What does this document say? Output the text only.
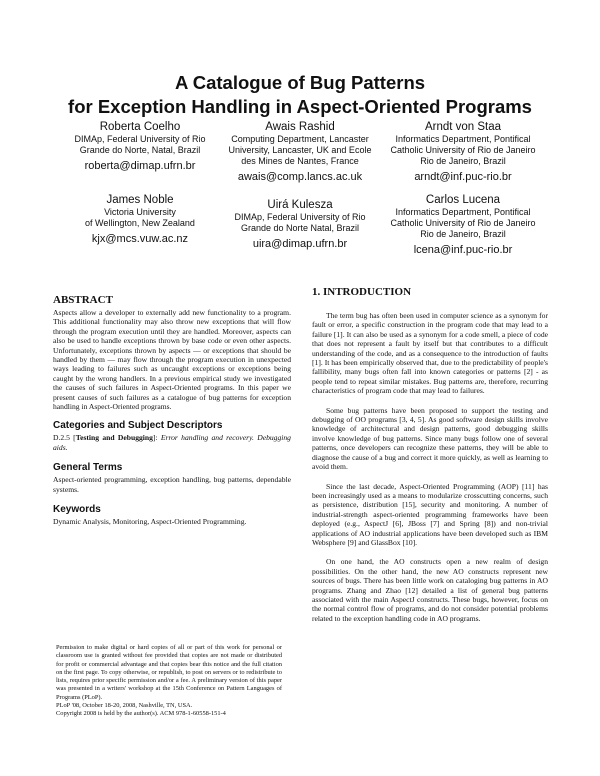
A Catalogue of Bug Patterns
for Exception Handling in Aspect-Oriented Programs
Roberta Coelho
DIMAp, Federal University of Rio
Grande do Norte, Natal, Brazil
roberta@dimap.ufrn.br
Awais Rashid
Computing Department, Lancaster
University, Lancaster, UK and Ecole
des Mines de Nantes, France
awais@comp.lancs.ac.uk
Arndt von Staa
Informatics Department, Pontifical
Catholic University of Rio de Janeiro
Rio de Janeiro, Brazil
arndt@inf.puc-rio.br
James Noble
Victoria University
of Wellington, New Zealand
kjx@mcs.vuw.ac.nz
Uirá Kulesza
DIMAp, Federal University of Rio
Grande do Norte Natal, Brazil
uira@dimap.ufrn.br
Carlos Lucena
Informatics Department, Pontifical
Catholic University of Rio de Janeiro
Rio de Janeiro, Brazil
lcena@inf.puc-rio.br
ABSTRACT

Aspects allow a developer to externally add new functionality to a program. This additional functionality may also throw new exceptions that will flow through the program execution until they are handled. Moreover, aspects can also be used to handle exceptions thrown by base code or even other aspects. Unfortunately, exceptions thrown by aspects — or exceptions that should be handled by them — may flow through the program execution in unexpected ways leading to failures such as uncaught exceptions or exceptions being caught by the wrong handlers. In a previous empirical study we investigated the causes of such failures in Aspect-Oriented programs. In this paper we present causes of such failures as a catalogue of bug patterns for exception handling in Aspect-Oriented programs.

Categories and Subject Descriptors

D.2.5 [Testing and Debugging]: Error handling and recovery. Debugging aids.

General Terms

Aspect-oriented programming, exception handling, bug patterns, dependable systems.

Keywords

Dynamic Analysis, Monitoring, Aspect-Oriented Programming.

Permission to make digital or hard copies of all or part of this work for personal or classroom use is granted without fee provided that copies are not made or distributed for profit or commercial advantage and that copies bear this notice and the full citation on the first page. To copy otherwise, or republish, to post on servers or to redistribute to lists, requires prior specific permission and/or a fee. A preliminary version of this paper was presented in a writers' workshop at the 15th Conference on Pattern Languages of Programs (PLoP).

PLoP '08, October 18-20, 2008, Nashville, TN, USA.

Copyright 2008 is held by the author(s). ACM 978-1-60558-151-4

1. INTRODUCTION

The term bug has often been used in computer science as a synonym for fault or error, a specific construction in the program code that may lead to a failure [1]. It can also be used as a synonym for a code smell, a piece of code that does not represent a fault by itself but that contributes to a difficult understanding of the code, and as a consequence to the introduction of faults [1]. It has been empirically observed that, due to the predictability of people's fallibility, many bugs often fall into known categories or patterns [2] - as people tend to repeat similar mistakes. Bug patterns are, therefore, recurring characteristics of program code that may lead to failures.

Some bug patterns have been proposed to support the testing and debugging of OO programs [3, 4, 5]. As good software design skills involve knowledge of architectural and design patterns, good debugging skills involve knowledge of bug patterns. Since many bugs follow one of several patterns, once developers can recognize these patterns, they will be able to diagnose the cause of a bug and correct it more quickly, as well as learning to avoid them.

Since the last decade, Aspect-Oriented Programming (AOP) [11] has been increasingly used as a means to modularize crosscutting concerns, such as persistence, distribution [15], security and monitoring. A number of industrial-strength aspect-oriented programming frameworks have been deployed (e.g., AspectJ [6], JBoss [7] and Spring [8]) and non-trivial applications of AO industrial applications have been developed such as IBM Websphere [9] and GlassBox [10].

On one hand, the AO constructs open a new realm of design possibilities. On the other hand, the new AO constructs represent new sources of bugs. There has been little work on cataloging bug patterns in AO programs. Zhang and Zhao [12] detailed a list of general bug patterns associated with the main AspectJ constructs. These bugs, however, focus on the normal control flow of programs, and do not consider potential problems related to the exception handling code in AO programs.
